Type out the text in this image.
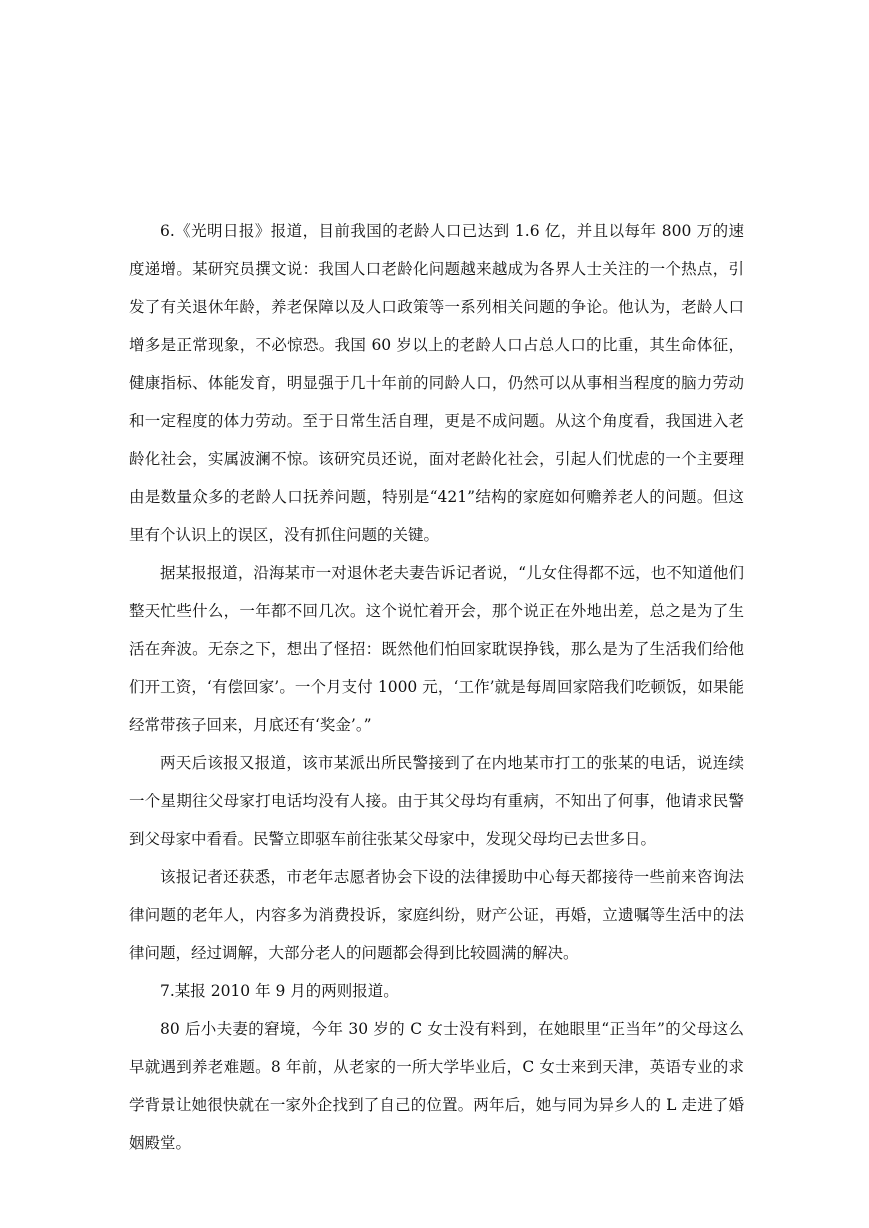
6.《光明日报》报道，目前我国的老龄人口已达到 1.6 亿，并且以每年 800 万的速度递增。某研究员撰文说：我国人口老龄化问题越来越成为各界人士关注的一个热点，引发了有关退休年龄，养老保障以及人口政策等一系列相关问题的争论。他认为，老龄人口增多是正常现象，不必惊恐。我国 60 岁以上的老龄人口占总人口的比重，其生命体征，健康指标、体能发育，明显强于几十年前的同龄人口，仍然可以从事相当程度的脑力劳动和一定程度的体力劳动。至于日常生活自理，更是不成问题。从这个角度看，我国进入老龄化社会，实属波澜不惊。该研究员还说，面对老龄化社会，引起人们忧虑的一个主要理由是数量众多的老龄人口抚养问题，特别是“421”结构的家庭如何赡养老人的问题。但这里有个认识上的误区，没有抓住问题的关键。

据某报报道，沿海某市一对退休老夫妻告诉记者说，“儿女住得都不远，也不知道他们整天忙些什么，一年都不回几次。这个说忙着开会，那个说正在外地出差，总之是为了生活在奔波。无奈之下，想出了怪招：既然他们怕回家耽误挣钱，那么是为了生活我们给他们开工资，‘有偿回家’。一个月支付 1000 元，‘工作’就是每周回家陪我们吃顿饭，如果能经常带孩子回来，月底还有‘奖金’。”

两天后该报又报道，该市某派出所民警接到了在内地某市打工的张某的电话，说连续一个星期往父母家打电话均没有人接。由于其父母均有重病，不知出了何事，他请求民警到父母家中看看。民警立即驱车前往张某父母家中，发现父母均已去世多日。

该报记者还获悉，市老年志愿者协会下设的法律援助中心每天都接待一些前来咨询法律问题的老年人，内容多为消费投诉，家庭纠纷，财产公证，再婚，立遗嘱等生活中的法律问题，经过调解，大部分老人的问题都会得到比较圆满的解决。

7.某报 2010 年 9 月的两则报道。

80 后小夫妻的窘境，今年 30 岁的 C 女士没有料到，在她眼里“正当年”的父母这么早就遇到养老难题。8 年前，从老家的一所大学毕业后，C 女士来到天津，英语专业的求学背景让她很快就在一家外企找到了自己的位置。两年后，她与同为异乡人的 L 走进了婚姻殿堂。
